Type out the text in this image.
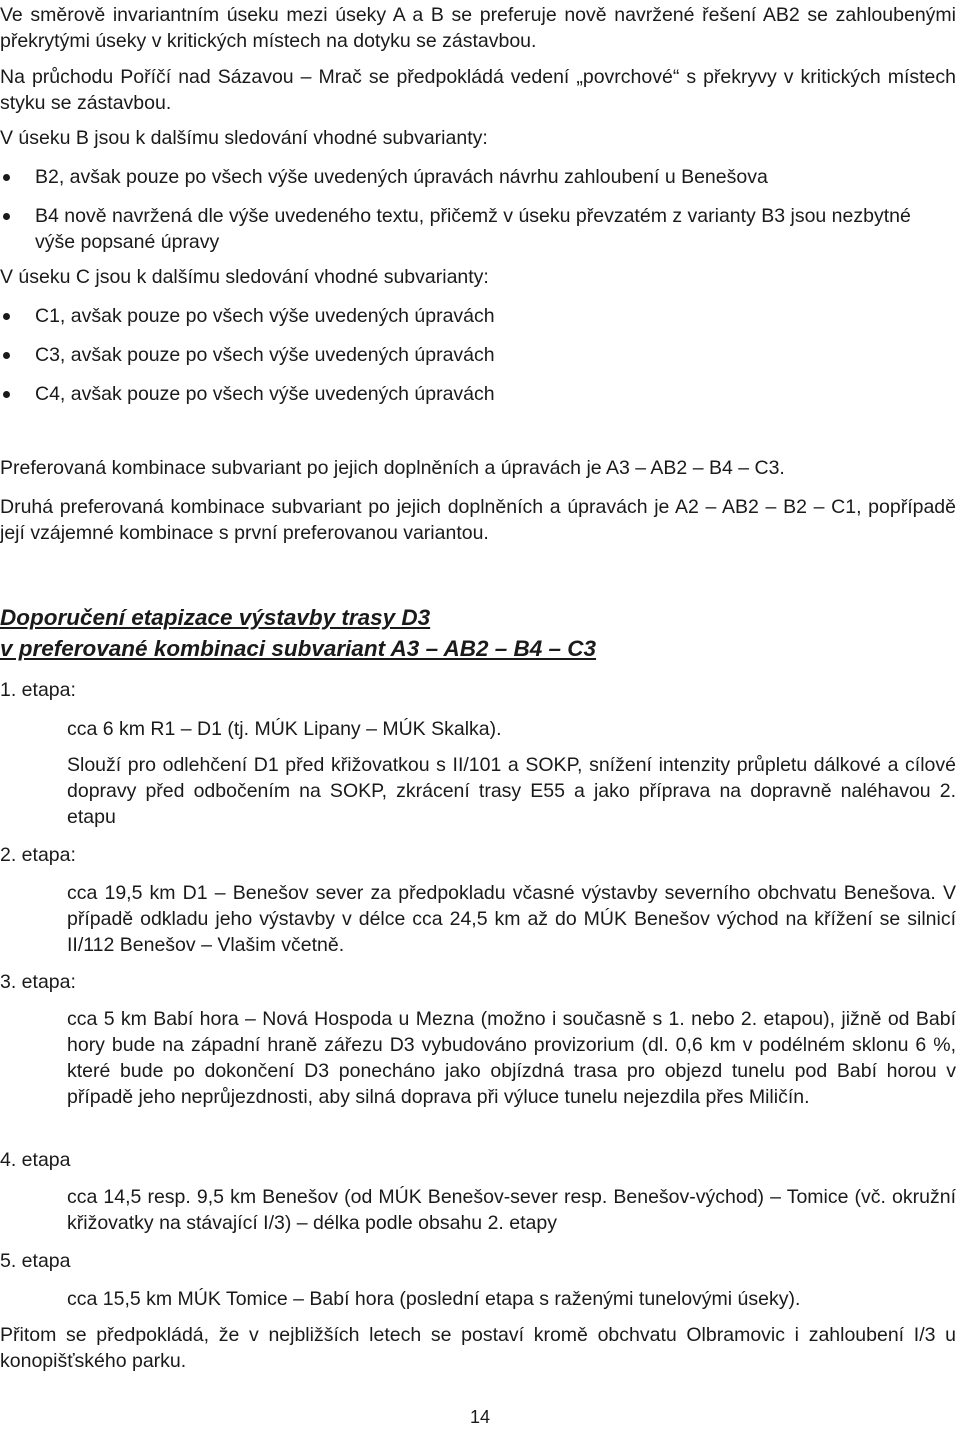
Ve směrově invariantním úseku mezi úseky A a B se preferuje nově navržené řešení AB2 se zahloubenými překrytými úseky v kritických místech na dotyku se zástavbou.

Na průchodu Poříčí nad Sázavou – Mrač se předpokládá vedení „povrchové“ s překryvy v kritických místech styku se zástavbou.

V úseku B jsou k dalšímu sledování vhodné subvarianty:

B2, avšak pouze po všech výše uvedených úpravách návrhu zahloubení u Benešova
B4 nově navržená dle výše uvedeného textu, přičemž v úseku převzatém z varianty B3 jsou nezbytné výše popsané úpravy

V úseku C jsou k dalšímu sledování vhodné subvarianty:

C1, avšak pouze po všech výše uvedených úpravách
C3, avšak pouze po všech výše uvedených úpravách
C4, avšak pouze po všech výše uvedených úpravách

Preferovaná kombinace subvariant po jejich doplněních a úpravách je A3 – AB2 – B4 – C3.

Druhá preferovaná kombinace subvariant po jejich doplněních a úpravách je A2 – AB2 – B2 – C1, popřípadě její vzájemné kombinace s první preferovanou variantou.

Doporučení etapizace výstavby trasy D3
v preferované kombinaci subvariant A3 – AB2 – B4 – C3
1. etapa:
cca 6 km R1 – D1 (tj. MÚK Lipany – MÚK Skalka).
Slouží pro odlehčení D1 před křižovatkou s II/101 a SOKP, snížení intenzity průpletu dálkové a cílové dopravy před odbočením na SOKP, zkrácení trasy E55 a jako příprava na dopravně naléhavou 2. etapu
2. etapa:
cca 19,5 km D1 – Benešov sever za předpokladu včasné výstavby severního obchvatu Benešova. V případě odkladu jeho výstavby v délce cca 24,5 km až do MÚK Benešov východ na křížení se silnicí II/112 Benešov – Vlašim včetně.
3. etapa:
cca 5 km Babí hora – Nová Hospoda u Mezna (možno i současně s 1. nebo 2. etapou), jižně od Babí hory bude na západní hraně zářezu D3 vybudováno provizorium (dl. 0,6 km v podélném sklonu 6 %, které bude po dokončení D3 ponecháno jako objízdná trasa pro objezd tunelu pod Babí horou v případě jeho neprůjezdnosti, aby silná doprava při výluce tunelu nejezdila přes Miličín.
4. etapa
cca 14,5 resp. 9,5 km Benešov (od MÚK Benešov-sever resp. Benešov-východ) – Tomice (vč. okružní křižovatky na stávající I/3) – délka podle obsahu 2. etapy
5. etapa
cca 15,5 km MÚK Tomice – Babí hora (poslední etapa s raženými tunelovými úseky).

Přitom se předpokládá, že v nejbližších letech se postaví kromě obchvatu Olbramovic i zahloubení I/3 u konopišťského parku.

14
